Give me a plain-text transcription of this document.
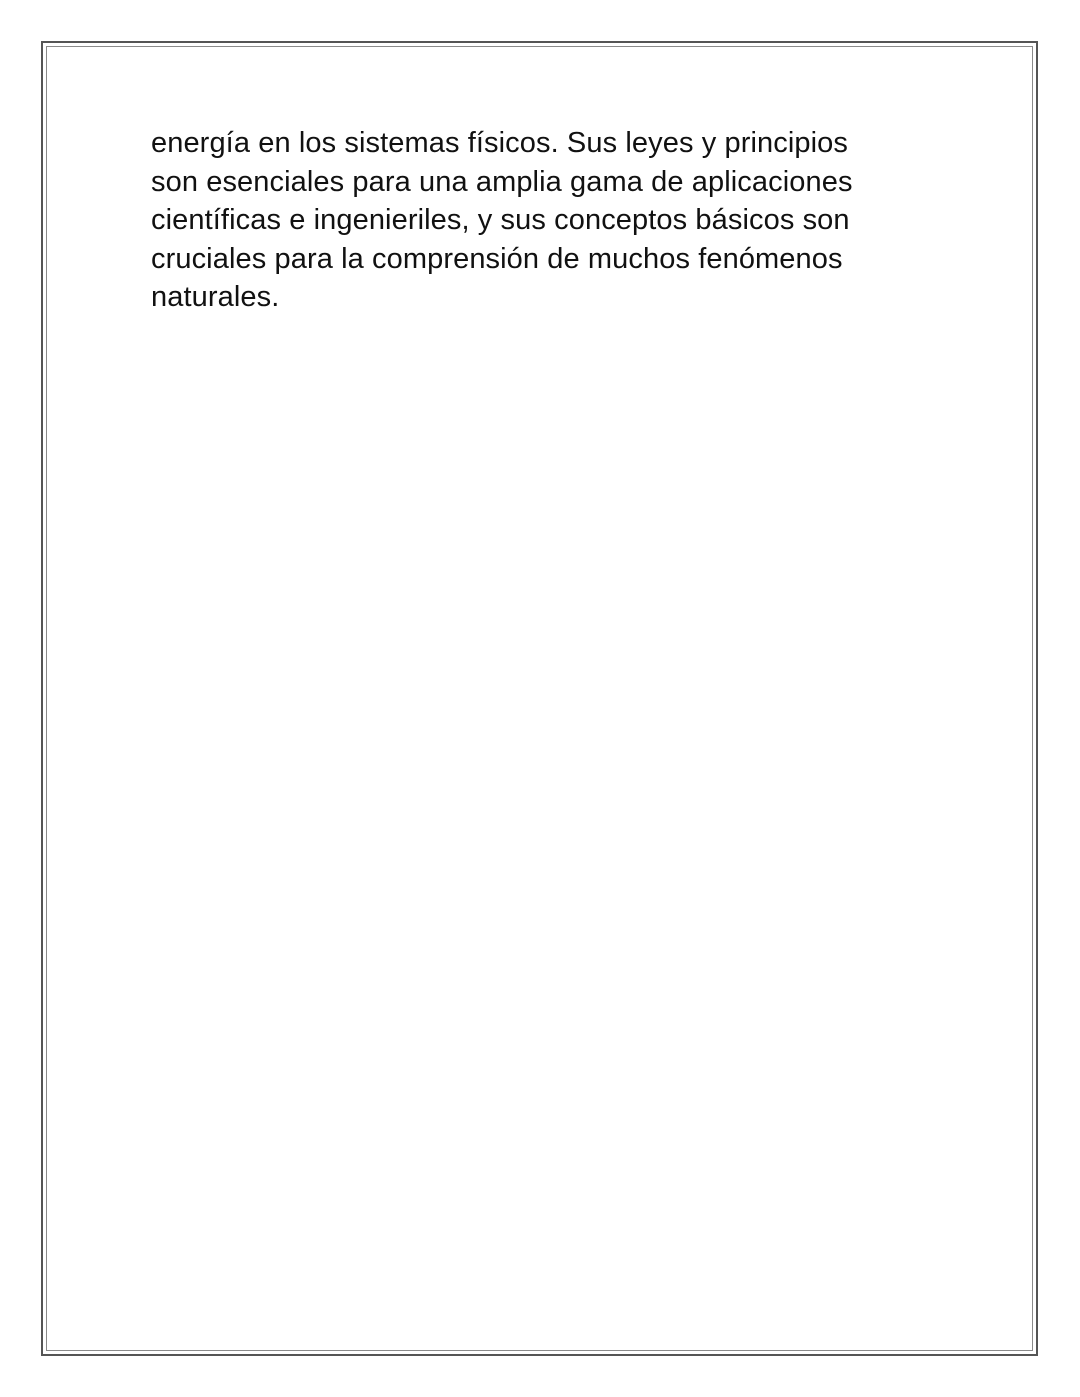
energía en los sistemas físicos. Sus leyes y principios
son esenciales para una amplia gama de aplicaciones
científicas e ingenieriles, y sus conceptos básicos son
cruciales para la comprensión de muchos fenómenos
naturales.
